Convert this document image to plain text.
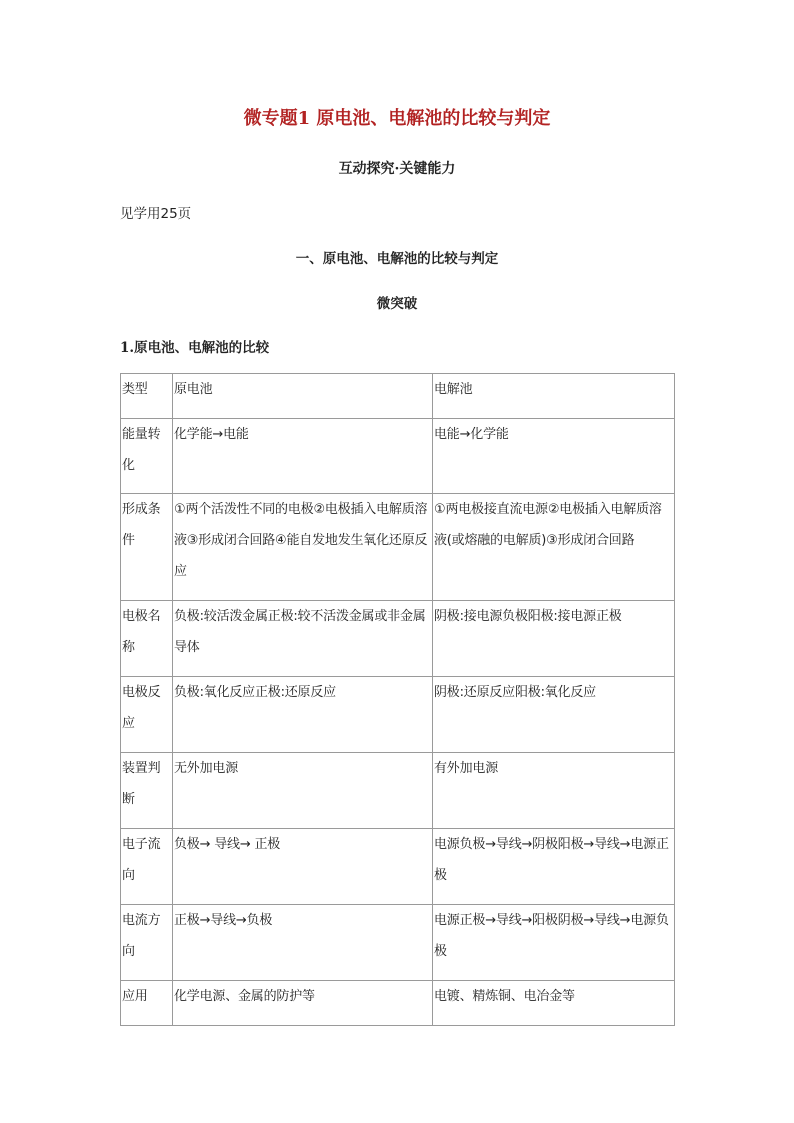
微专题1 原电池、电解池的比较与判定
互动探究·关键能力
见学用25页
一、原电池、电解池的比较与判定
微突破
1.原电池、电解池的比较
类型	原电池	电解池

能量转化	化学能→电能	电能→化学能

形成条件	①两个活泼性不同的电极②电极插入电解质溶液③形成闭合回路④能自发地发生氧化还原反应	①两电极接直流电源②电极插入电解质溶液(或熔融的电解质)③形成闭合回路

电极名称	负极:较活泼金属正极:较不活泼金属或非金属导体	阴极:接电源负极阳极:接电源正极

电极反应	负极:氧化反应正极:还原反应	阴极:还原反应阳极:氧化反应

装置判断	无外加电源	有外加电源

电子流向	负极→ 导线→ 正极	电源负极→导线→阴极阳极→导线→电源正极

电流方向	正极→导线→负极	电源正极→导线→阳极阴极→导线→电源负极

应用	化学电源、金属的防护等	电镀、精炼铜、电冶金等
